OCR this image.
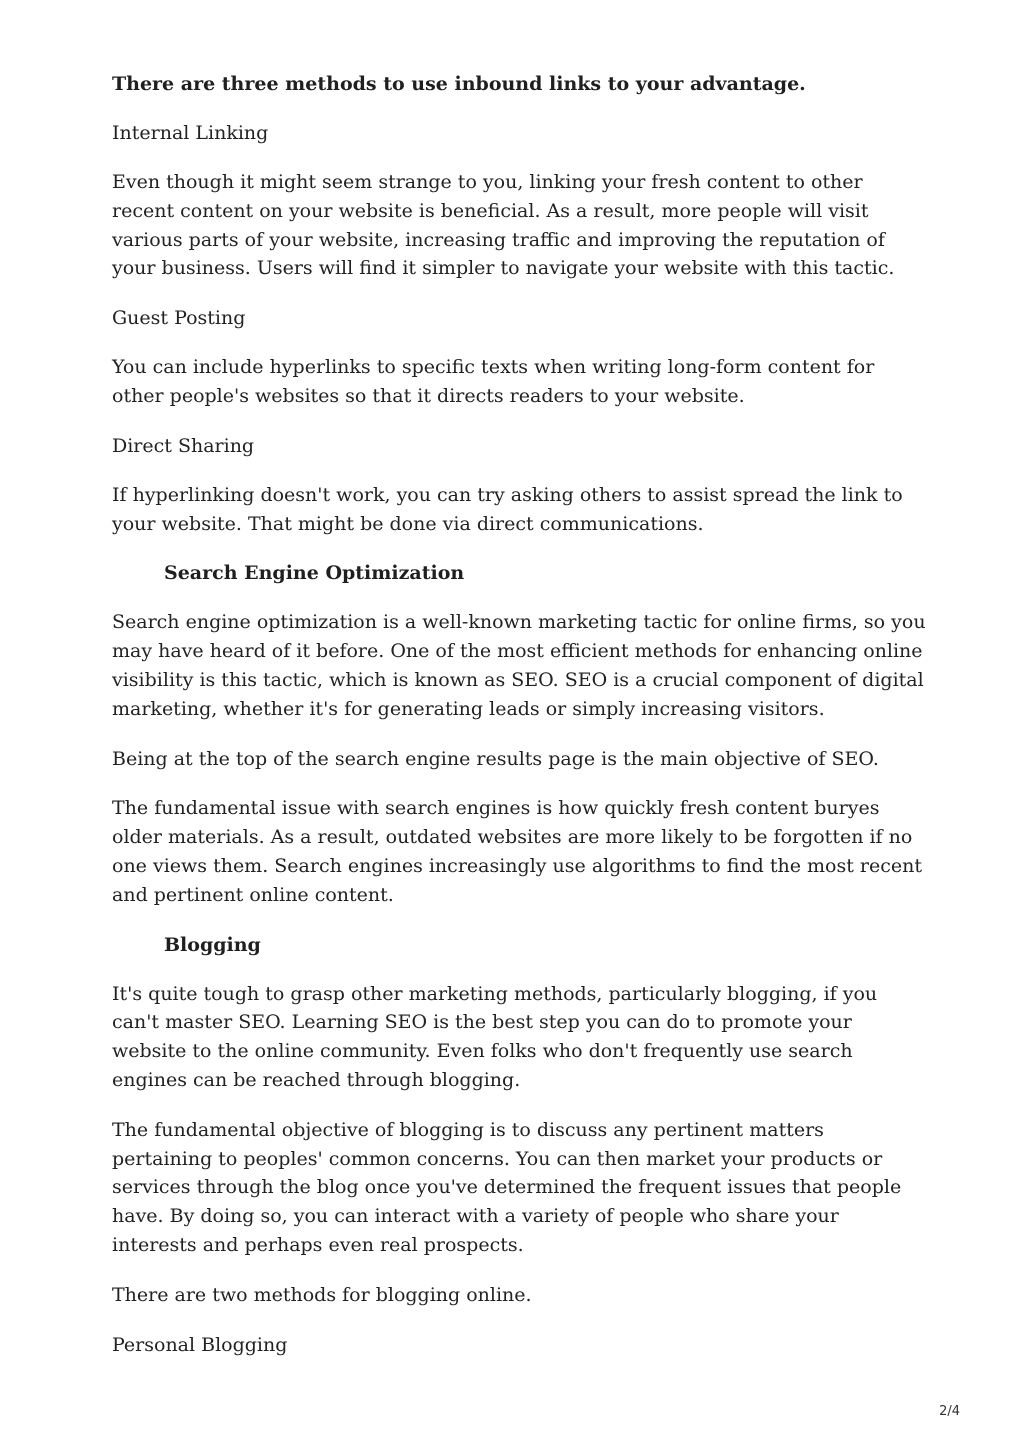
There are three methods to use inbound links to your advantage.

Internal Linking

Even though it might seem strange to you, linking your fresh content to other recent content on your website is beneficial. As a result, more people will visit various parts of your website, increasing traffic and improving the reputation of your business. Users will find it simpler to navigate your website with this tactic.

Guest Posting

You can include hyperlinks to specific texts when writing long-form content for other people's websites so that it directs readers to your website.

Direct Sharing

If hyperlinking doesn't work, you can try asking others to assist spread the link to your website. That might be done via direct communications.

Search Engine Optimization

Search engine optimization is a well-known marketing tactic for online firms, so you may have heard of it before. One of the most efficient methods for enhancing online visibility is this tactic, which is known as SEO. SEO is a crucial component of digital marketing, whether it's for generating leads or simply increasing visitors.

Being at the top of the search engine results page is the main objective of SEO.

The fundamental issue with search engines is how quickly fresh content buryes older materials. As a result, outdated websites are more likely to be forgotten if no one views them. Search engines increasingly use algorithms to find the most recent and pertinent online content.

Blogging

It's quite tough to grasp other marketing methods, particularly blogging, if you can't master SEO. Learning SEO is the best step you can do to promote your website to the online community. Even folks who don't frequently use search engines can be reached through blogging.

The fundamental objective of blogging is to discuss any pertinent matters pertaining to peoples' common concerns. You can then market your products or services through the blog once you've determined the frequent issues that people have. By doing so, you can interact with a variety of people who share your interests and perhaps even real prospects.

There are two methods for blogging online.

Personal Blogging

2/4
